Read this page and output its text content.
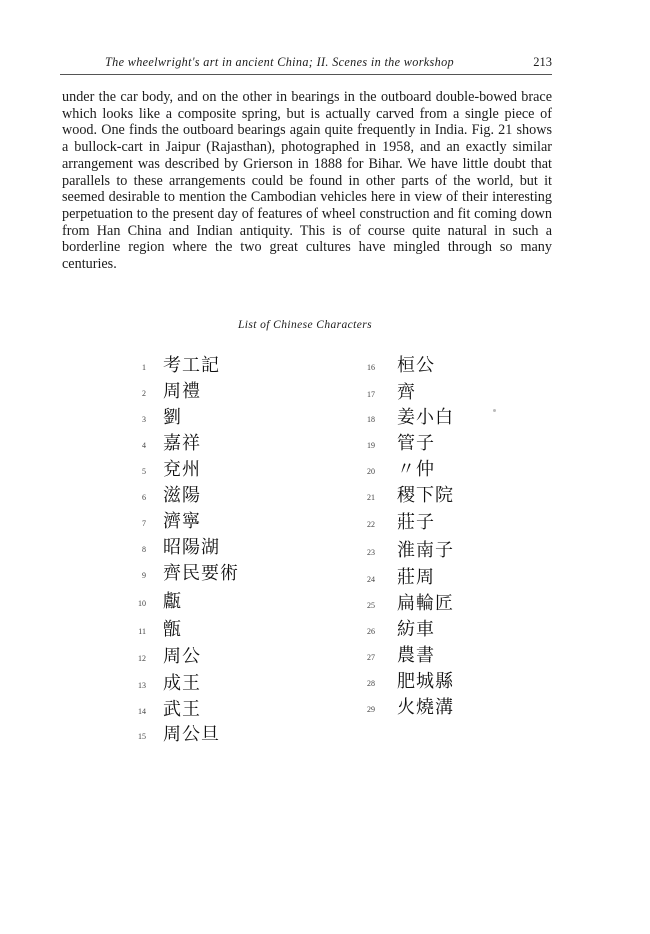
The wheelwright's art in ancient China; II. Scenes in the workshop	213

under the car body, and on the other in bearings in the outboard double-bowed brace which looks like a composite spring, but is actually carved from a single piece of wood. One finds the outboard bearings again quite frequently in India. Fig. 21 shows a bullock-cart in Jaipur (Rajasthan), photographed in 1958, and an exactly similar arrangement was described by Grierson in 1888 for Bihar. We have little doubt that parallels to these arrangements could be found in other parts of the world, but it seemed desirable to mention the Cambodian vehicles here in view of their interesting perpetuation to the present day of features of wheel construction and fit coming down from Han China and Indian antiquity. This is of course quite natural in such a borderline region where the two great cultures have mingled through so many centuries.

List of Chinese Characters
1 考工記
2 周禮
3 劉
4 嘉祥
5 兗州
6 滋陽
7 濟寧
8 昭陽湖
9 齊民要術
10 甗
11 甑
12 周公
13 成王
14 武王
15 周公旦
16 桓公
17 齊
18 姜小白
19 管子
20 〃仲
21 稷下院
22 莊子
23 淮南子
24 莊周
25 扁輪匠
26 紡車
27 農書
28 肥城縣
29 火燒溝
